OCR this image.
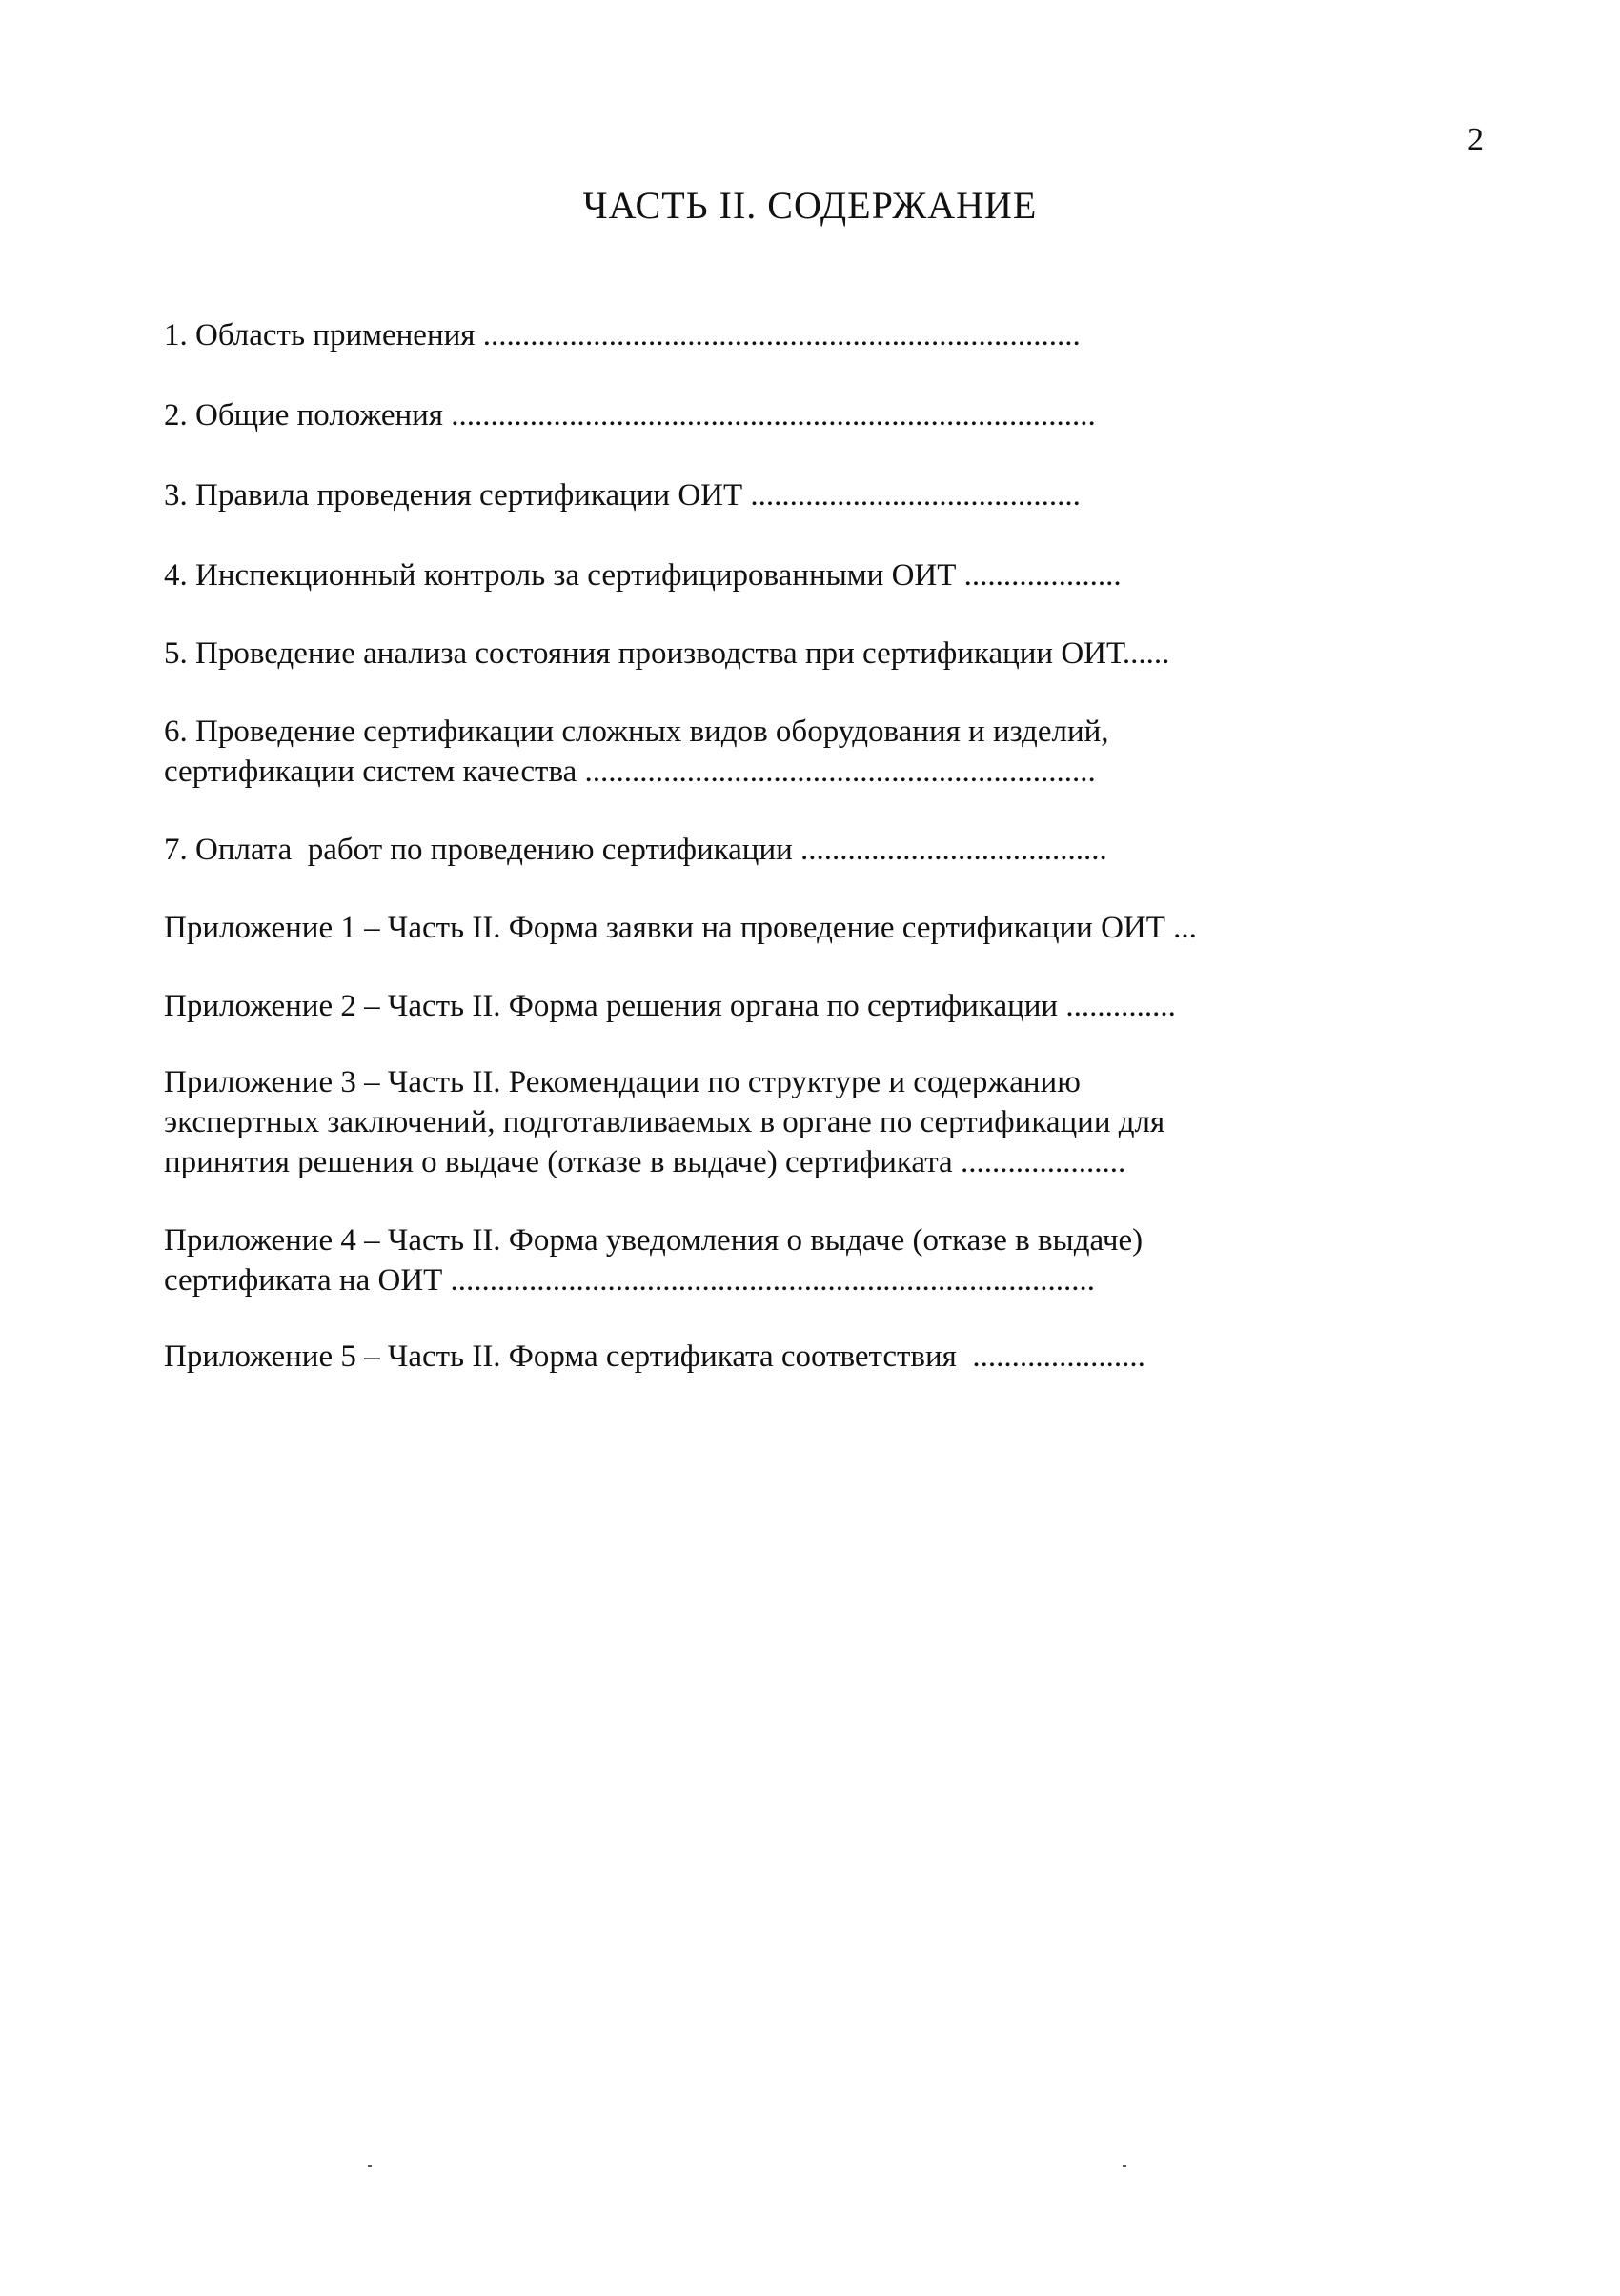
2
ЧАСТЬ II. СОДЕРЖАНИЕ
1. Область применения ............................................................................
2. Общие положения ..................................................................................
3. Правила проведения сертификации ОИТ ..........................................
4. Инспекционный контроль за сертифицированными ОИТ ....................
5. Проведение анализа состояния производства при сертификации ОИТ......
6. Проведение сертификации сложных видов оборудования и изделий,
сертификации систем качества .................................................................
7. Оплата  работ по проведению сертификации .......................................
Приложение 1 – Часть II. Форма заявки на проведение сертификации ОИТ ...
Приложение 2 – Часть II. Форма решения органа по сертификации ..............
Приложение 3 – Часть II. Рекомендации по структуре и содержанию
экспертных заключений, подготавливаемых в органе по сертификации для
принятия решения о выдаче (отказе в выдаче) сертификата .....................
Приложение 4 – Часть II. Форма уведомления о выдаче (отказе в выдаче)
сертификата на ОИТ ..................................................................................
Приложение 5 – Часть II. Форма сертификата соответствия  ......................
